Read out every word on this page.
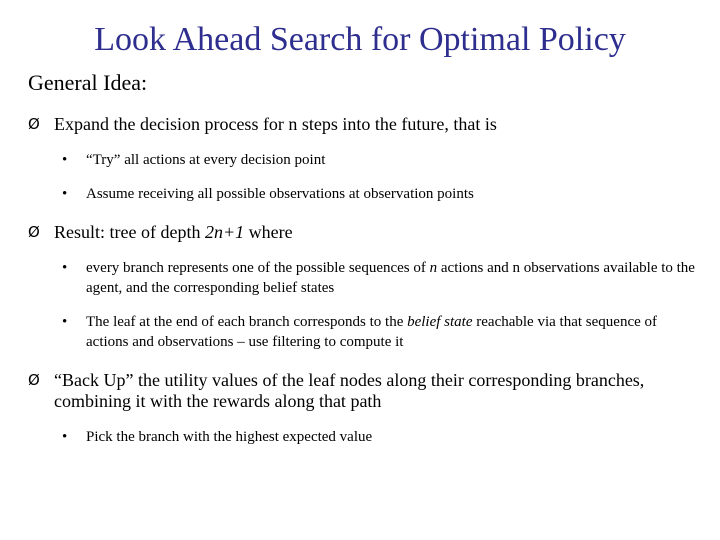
Look Ahead Search for Optimal Policy
General Idea:
Ø Expand the decision process for n steps into the future, that is
•	“Try” all actions at every decision point
•	Assume receiving all possible observations at observation points
Ø Result: tree of depth 2n+1 where
•	every branch represents one of the possible sequences of n actions and n observations available to the agent, and the corresponding belief states
•	The leaf at the end of each branch corresponds to the belief state reachable via that sequence of actions and observations – use filtering to compute it
Ø “Back Up” the utility values of the leaf nodes along their corresponding branches, combining it with the rewards along that path
•	Pick the branch with the highest expected value
